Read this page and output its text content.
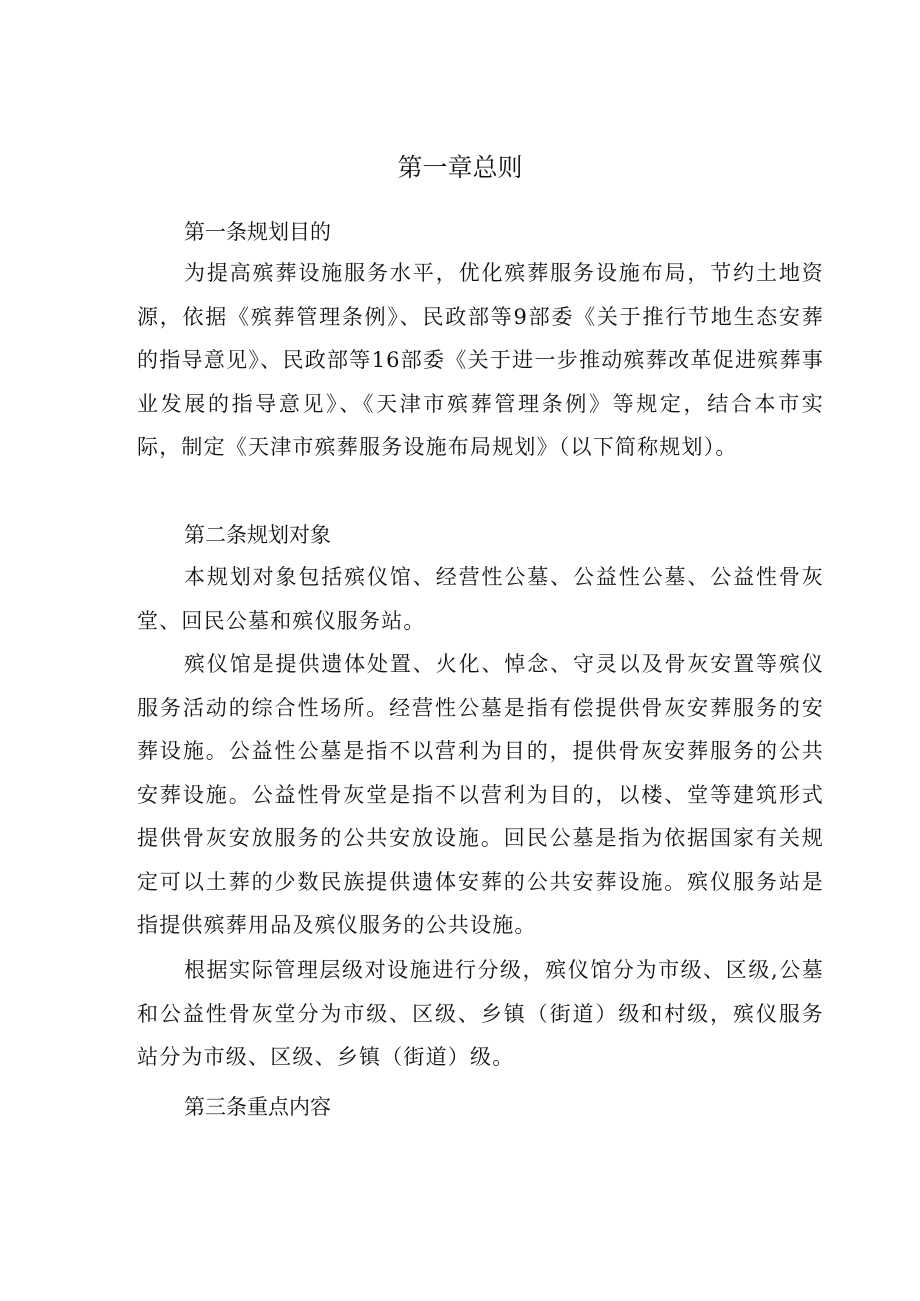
第一章总则
第一条规划目的

为提高殡葬设施服务水平，优化殡葬服务设施布局，节约土地资源，依据《殡葬管理条例》、民政部等9部委《关于推行节地生态安葬的指导意见》、民政部等16部委《关于进一步推动殡葬改革促进殡葬事业发展的指导意见》、《天津市殡葬管理条例》等规定，结合本市实际，制定《天津市殡葬服务设施布局规划》（以下简称规划）。

第二条规划对象

本规划对象包括殡仪馆、经营性公墓、公益性公墓、公益性骨灰堂、回民公墓和殡仪服务站。

殡仪馆是提供遗体处置、火化、悼念、守灵以及骨灰安置等殡仪服务活动的综合性场所。经营性公墓是指有偿提供骨灰安葬服务的安葬设施。公益性公墓是指不以营利为目的，提供骨灰安葬服务的公共安葬设施。公益性骨灰堂是指不以营利为目的，以楼、堂等建筑形式提供骨灰安放服务的公共安放设施。回民公墓是指为依据国家有关规定可以土葬的少数民族提供遗体安葬的公共安葬设施。殡仪服务站是指提供殡葬用品及殡仪服务的公共设施。

根据实际管理层级对设施进行分级，殡仪馆分为市级、区级,公墓和公益性骨灰堂分为市级、区级、乡镇（街道）级和村级，殡仪服务站分为市级、区级、乡镇（街道）级。

第三条重点内容
